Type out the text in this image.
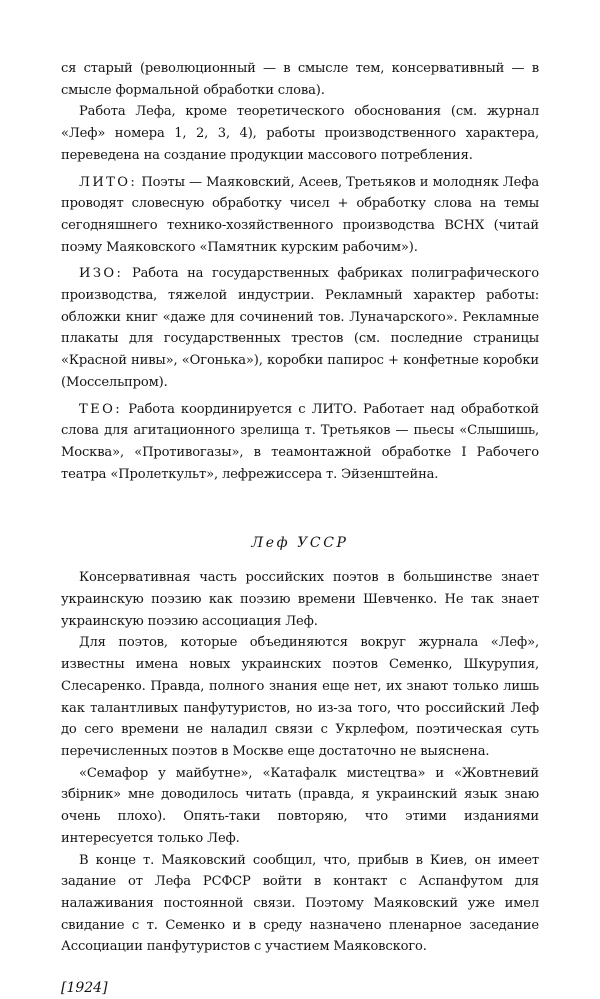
ся старый (революционный — в смысле тем, консервативный — в смысле формальной обработки слова).

Работа Лефа, кроме теоретического обоснования (см. журнал «Леф» номера 1, 2, 3, 4), работы производственного характера, переведена на создание продукции массового потребления.

ЛИТО: Поэты — Маяковский, Асеев, Третьяков и молодняк Лефа проводят словесную обработку чисел + обработку слова на темы сегодняшнего технико-хозяйственного производства ВСНХ (читай поэму Маяковского «Памятник курским рабочим»).

ИЗО: Работа на государственных фабриках полиграфического производства, тяжелой индустрии. Рекламный характер работы: обложки книг «даже для сочинений тов. Луначарского». Рекламные плакаты для государственных трестов (см. последние страницы «Красной нивы», «Огонька»), коробки папирос + конфетные коробки (Моссельпром).

ТЕО: Работа координируется с ЛИТО. Работает над обработкой слова для агитационного зрелища т. Третьяков — пьесы «Слышишь, Москва», «Противогазы», в теамонтажной обработке I Рабочего театра «Пролеткульт», лефрежиссера т. Эйзенштейна.

Леф УССР

Консервативная часть российских поэтов в большинстве знает украинскую поэзию как поэзию времени Шевченко. Не так знает украинскую поэзию ассоциация Леф.

Для поэтов, которые объединяются вокруг журнала «Леф», известны имена новых украинских поэтов Семенко, Шкурупия, Слесаренко. Правда, полного знания еще нет, их знают только лишь как талантливых панфутуристов, но из-за того, что российский Леф до сего времени не наладил связи с Укрлефом, поэтическая суть перечисленных поэтов в Москве еще достаточно не выяснена.

«Семафор у майбутне», «Катафалк мистецтва» и «Жовтневий збірник» мне доводилось читать (правда, я украинский язык знаю очень плохо). Опять-таки повторяю, что этими изданиями интересуется только Леф.

В конце т. Маяковский сообщил, что, прибыв в Киев, он имеет задание от Лефа РСФСР войти в контакт с Аспанфутом для налаживания постоянной связи. Поэтому Маяковский уже имел свидание с т. Семенко и в среду назначено пленарное заседание Ассоциации панфутуристов с участием Маяковского.

[1924]
